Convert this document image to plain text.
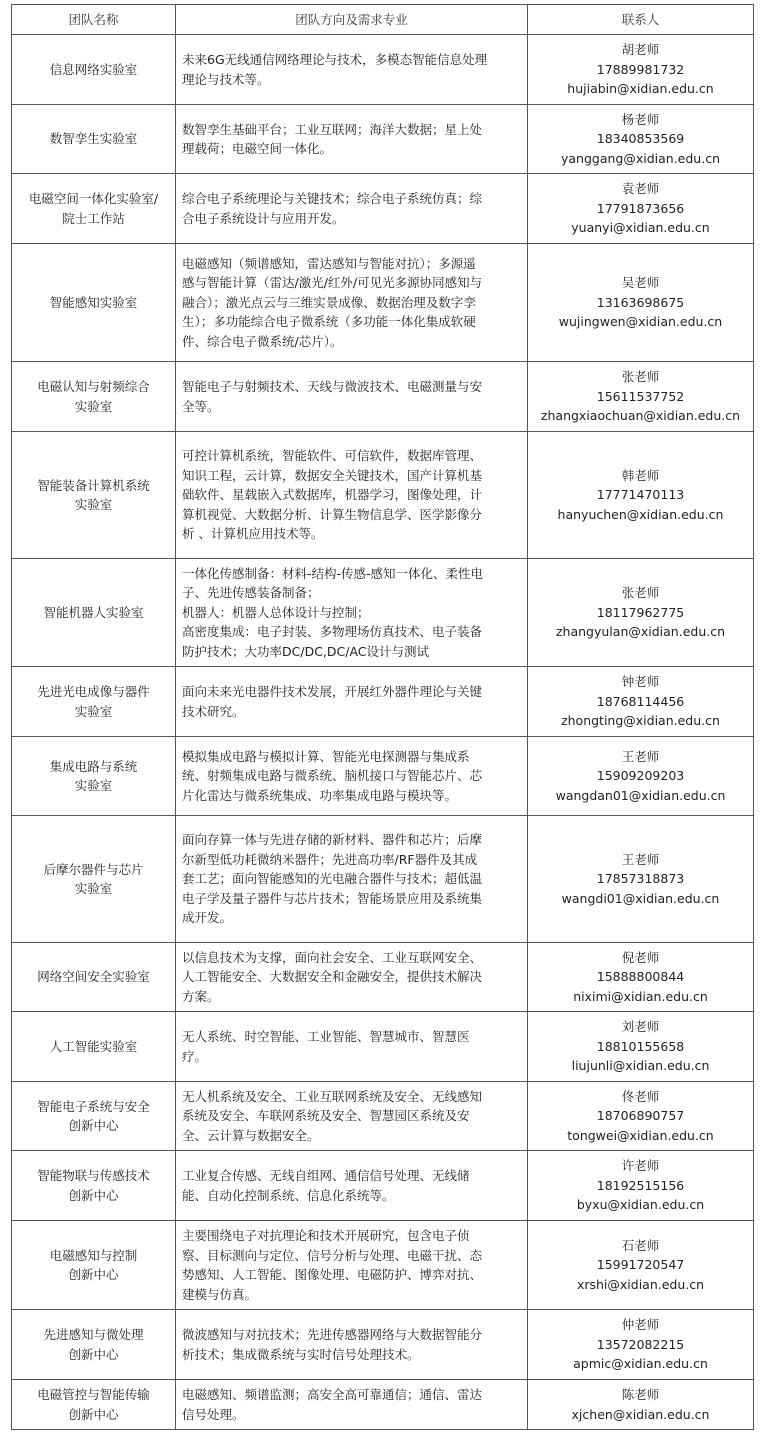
团队名称	团队方向及需求专业	联系人

信息网络实验室	未来6G无线通信网络理论与技术，多模态智能信息处理
理论与技术等。	胡老师
17889981732
hujiabin@xidian.edu.cn

数智孪生实验室	数智孪生基础平台；工业互联网；海洋大数据；星上处
理载荷；电磁空间一体化。	杨老师
18340853569
yanggang@xidian.edu.cn

电磁空间一体化实验室/
院士工作站	综合电子系统理论与关键技术；综合电子系统仿真；综
合电子系统设计与应用开发。	袁老师
17791873656
yuanyi@xidian.edu.cn

智能感知实验室	电磁感知（频谱感知，雷达感知与智能对抗）；多源遥
感与智能计算（雷达/激光/红外/可见光多源协同感知与
融合）；激光点云与三维实景成像、数据治理及数字孪
生）；多功能综合电子微系统（多功能一体化集成软硬
件、综合电子微系统/芯片）。	吴老师
13163698675
wujingwen@xidian.edu.cn

电磁认知与射频综合
实验室	智能电子与射频技术、天线与微波技术、电磁测量与安
全等。	张老师
15611537752
zhangxiaochuan@xidian.edu.cn

智能装备计算机系统
实验室	可控计算机系统，智能软件、可信软件，数据库管理、
知识工程，云计算，数据安全关键技术，国产计算机基
础软件、星载嵌入式数据库，机器学习，图像处理，计
算机视觉、大数据分析、计算生物信息学、医学影像分
析 、计算机应用技术等。	韩老师
17771470113
hanyuchen@xidian.edu.cn

智能机器人实验室	一体化传感制备：材料-结构-传感-感知一体化、柔性电
子、先进传感装备制备；
机器人：机器人总体设计与控制；
高密度集成：电子封装、多物理场仿真技术、电子装备
防护技术；大功率DC/DC,DC/AC设计与测试	张老师
18117962775
zhangyulan@xidian.edu.cn

先进光电成像与器件
实验室	面向未来光电器件技术发展，开展红外器件理论与关键
技术研究。	钟老师
18768114456
zhongting@xidian.edu.cn

集成电路与系统
实验室	模拟集成电路与模拟计算、智能光电探测器与集成系
统、射频集成电路与微系统、脑机接口与智能芯片、芯
片化雷达与微系统集成、功率集成电路与模块等。	王老师
15909209203
wangdan01@xidian.edu.cn

后摩尔器件与芯片
实验室	面向存算一体与先进存储的新材料、器件和芯片；后摩
尔新型低功耗微纳米器件；先进高功率/RF器件及其成
套工艺；面向智能感知的光电融合器件与技术；超低温
电子学及量子器件与芯片技术；智能场景应用及系统集
成开发。	王老师
17857318873
wangdi01@xidian.edu.cn

网络空间安全实验室	以信息技术为支撑，面向社会安全、工业互联网安全、
人工智能安全、大数据安全和金融安全，提供技术解决
方案。	倪老师
15888800844
niximi@xidian.edu.cn

人工智能实验室	无人系统、时空智能、工业智能、智慧城市、智慧医
疗。	刘老师
18810155658
liujunli@xidian.edu.cn

智能电子系统与安全
创新中心	无人机系统及安全、工业互联网系统及安全、无线感知
系统及安全、车联网系统及安全、智慧园区系统及安
全、云计算与数据安全。	佟老师
18706890757
tongwei@xidian.edu.cn

智能物联与传感技术
创新中心	工业复合传感、无线自组网、通信信号处理、无线储
能、自动化控制系统、信息化系统等。	许老师
18192515156
byxu@xidian.edu.cn

电磁感知与控制
创新中心	主要围绕电子对抗理论和技术开展研究，包含电子侦
察、目标测向与定位、信号分析与处理、电磁干扰、态
势感知、人工智能、图像处理、电磁防护、博弈对抗、
建模与仿真。	石老师
15991720547
xrshi@xidian.edu.cn

先进感知与微处理
创新中心	微波感知与对抗技术；先进传感器网络与大数据智能分
析技术；集成微系统与实时信号处理技术。	仲老师
13572082215
apmic@xidian.edu.cn

电磁管控与智能传输
创新中心	电磁感知、频谱监测；高安全高可靠通信；通信、雷达
信号处理。	陈老师
xjchen@xidian.edu.cn
